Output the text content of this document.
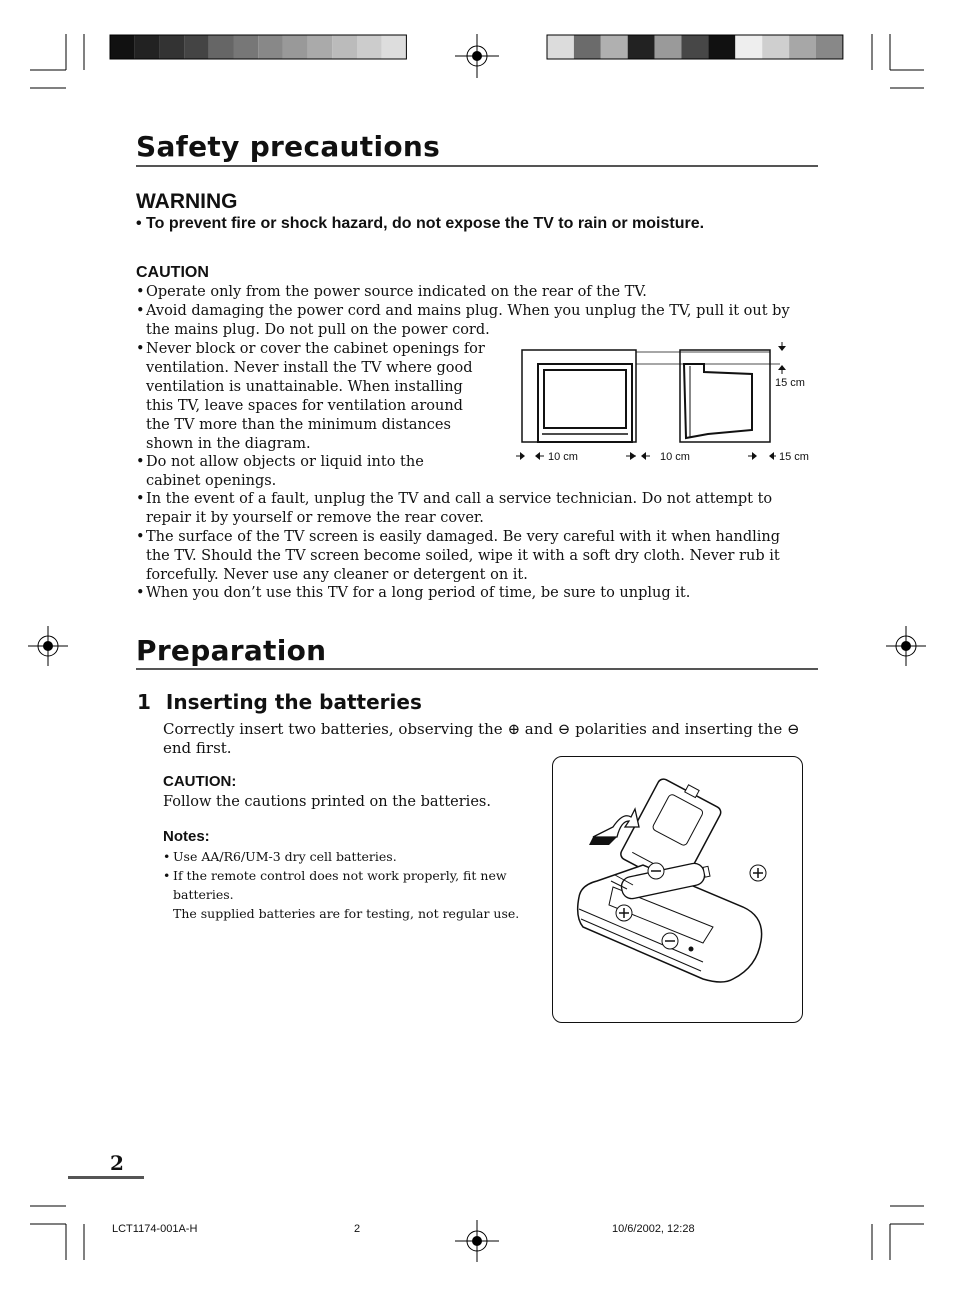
Safety precautions
WARNING
• To prevent fire or shock hazard, do not expose the TV to rain or moisture.
CAUTION
• Operate only from the power source indicated on the rear of the TV.
• Avoid damaging the power cord and mains plug. When you unplug the TV, pull it out by
the mains plug. Do not pull on the power cord.
• Never block or cover the cabinet openings for
ventilation. Never install the TV where good
ventilation is unattainable. When installing
this TV, leave spaces for ventilation around
the TV more than the minimum distances
shown in the diagram.
• Do not allow objects or liquid into the
cabinet openings.
• In the event of a fault, unplug the TV and call a service technician. Do not attempt to
repair it by yourself or remove the rear cover.
• The surface of the TV screen is easily damaged. Be very careful with it when handling
the TV. Should the TV screen become soiled, wipe it with a soft dry cloth. Never rub it
forcefully. Never use any cleaner or detergent on it.
• When you don’t use this TV for a long period of time, be sure to unplug it.
15 cm
10 cm	10 cm	15 cm
Preparation
1 Inserting the batteries
Correctly insert two batteries, observing the ⊕ and ⊖ polarities and inserting the ⊖
end first.
CAUTION:
Follow the cautions printed on the batteries.
Notes:
• Use AA/R6/UM-3 dry cell batteries.
• If the remote control does not work properly, fit new
batteries.
The supplied batteries are for testing, not regular use.
2
LCT1174-001A-H	2	10/6/2002, 12:28
